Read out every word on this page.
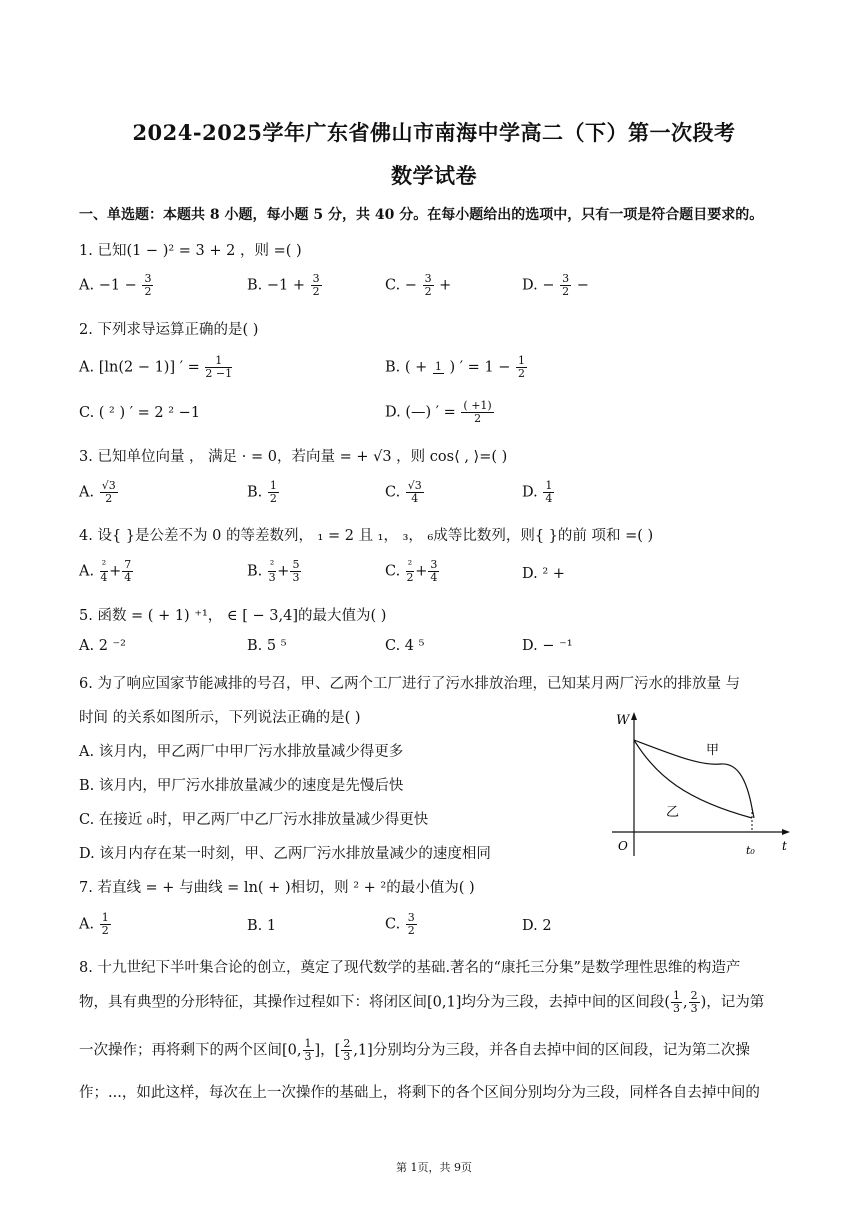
2024-2025学年广东省佛山市南海中学高二（下）第一次段考
数学试卷
一、单选题：本题共 8 小题，每小题 5 分，共 40 分。在每小题给出的选项中，只有一项是符合题目要求的。
1. 已知(1 − )² = 3 + 2 ，则 =( )
A. $-1 - \frac{3}{2}$	B. $-1 + \frac{3}{2}$	C. − $\frac{3}{2}$ +	D. − $\frac{3}{2}$ −
2. 下列求导运算正确的是( )
A. [ln(2 − 1)] ′ = $\frac{1}{2 -1}$	B. ( + 1 ) ′ = $1 - \frac{1}{2}$
C. ( ² ) ′ = 2 ² −1	D. (—) ′ = $\frac{( +1)}{2}$
3. 已知单位向量 ， 满足 · = 0，若向量 = + √3 ，则 cos⟨ , ⟩=( )
A. $\frac{√3}{2}$	B. $\frac{1}{2}$	C. $\frac{√3}{4}$	D. $\frac{1}{4}$
4. 设{ }是公差不为 0 的等差数列， ₁ = 2 且 ₁， ₃， ₆成等比数列，则{ }的前 项和 =( )
A. $\frac{\text{²}}{4} + \frac{7}{4}$	B. $\frac{\text{²}}{3} + \frac{5}{3}$	C. $\frac{\text{²}}{2} + \frac{3}{4}$	D. ² +
5. 函数 = ( + 1) ⁺¹， ∈ [ − 3,4]的最大值为( )
A. 2 ⁻²	B. 5 ⁵	C. 4 ⁵	D. − ⁻¹
6. 为了响应国家节能减排的号召，甲、乙两个工厂进行了污水排放治理，已知某月两厂污水的排放量 与
时间 的关系如图所示，下列说法正确的是( )
A. 该月内，甲乙两厂中甲厂污水排放量减少得更多
B. 该月内，甲厂污水排放量减少的速度是先慢后快
C. 在接近 ₀时，甲乙两厂中乙厂污水排放量减少得更快
D. 该月内存在某一时刻，甲、乙两厂污水排放量减少的速度相同
W
t
O	t₀
甲
乙
7. 若直线 = + 与曲线 = ln( + )相切，则 ² + ²的最小值为( )
A. $\frac{1}{2}$	B. 1	C. $\frac{3}{2}$	D. 2
8. 十九世纪下半叶集合论的创立，奠定了现代数学的基础.著名的“康托三分集”是数学理性思维的构造产
物，具有典型的分形特征，其操作过程如下：将闭区间[0,1]均分为三段，去掉中间的区间段( $\frac{1}{3}$ , $\frac{2}{3}$ )，记为第
一次操作；再将剩下的两个区间[0, $\frac{1}{3}$ ]，[ $\frac{2}{3} ,1$]分别均分为三段，并各自去掉中间的区间段，记为第二次操
作；...，如此这样，每次在上一次操作的基础上，将剩下的各个区间分别均分为三段，同样各自去掉中间的
第 1页，共 9页
